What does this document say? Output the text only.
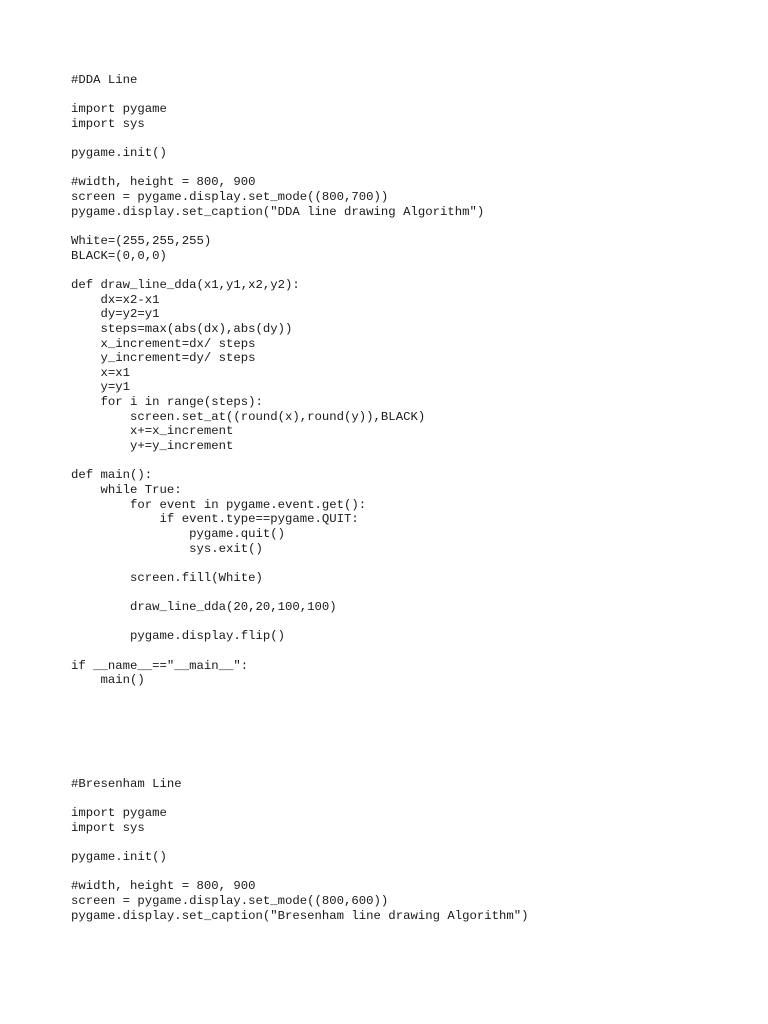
#DDA Line
import pygame
import sys
pygame.init()
#width, height = 800, 900
screen = pygame.display.set_mode((800,700))
pygame.display.set_caption("DDA line drawing Algorithm")
White=(255,255,255)
BLACK=(0,0,0)
def draw_line_dda(x1,y1,x2,y2):
dx=x2-x1
dy=y2=y1
steps=max(abs(dx),abs(dy))
x_increment=dx/ steps
y_increment=dy/ steps
x=x1
y=y1
for i in range(steps):
screen.set_at((round(x),round(y)),BLACK)
x+=x_increment
y+=y_increment
def main():
while True:
for event in pygame.event.get():
if event.type==pygame.QUIT:
pygame.quit()
sys.exit()
screen.fill(White)
draw_line_dda(20,20,100,100)
pygame.display.flip()
if __name__=="__main__":
main()
#Bresenham Line
import pygame
import sys
pygame.init()
#width, height = 800, 900
screen = pygame.display.set_mode((800,600))
pygame.display.set_caption("Bresenham line drawing Algorithm")
